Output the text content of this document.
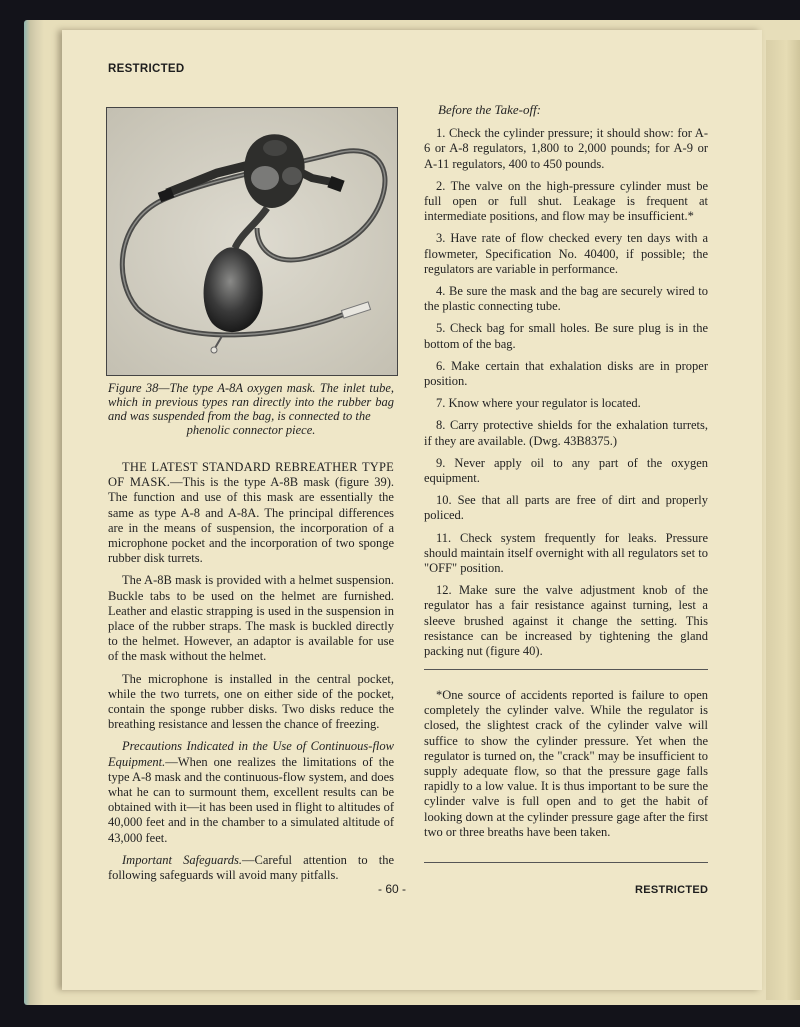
RESTRICTED
Figure 38—The type A-8A oxygen mask. The inlet tube, which in previous types ran directly into the rubber bag and was suspended from the bag, is connected to the
phenolic connector piece.

THE LATEST STANDARD REBREATHER TYPE OF MASK.—This is the type A-8B mask (figure 39). The function and use of this mask are essentially the same as type A-8 and A-8A. The principal differences are in the means of suspension, the incorporation of a microphone pocket and the incorporation of two sponge rubber disk turrets.

The A-8B mask is provided with a helmet suspension. Buckle tabs to be used on the helmet are furnished. Leather and elastic strapping is used in the suspension in place of the rubber straps. The mask is buckled directly to the helmet. However, an adaptor is available for use of the mask without the helmet.

The microphone is installed in the central pocket, while the two turrets, one on either side of the pocket, contain the sponge rubber disks. Two disks reduce the breathing resistance and lessen the chance of freezing.

Precautions Indicated in the Use of Continuous-flow Equipment.—When one realizes the limitations of the type A-8 mask and the continuous-flow system, and does what he can to surmount them, excellent results can be obtained with it—it has been used in flight to altitudes of 40,000 feet and in the chamber to a simulated altitude of 43,000 feet.

Important Safeguards.—Careful attention to the following safeguards will avoid many pitfalls.

Before the Take-off:
1. Check the cylinder pressure; it should show: for A-6 or A-8 regulators, 1,800 to 2,000 pounds; for A-9 or A-11 regulators, 400 to 450 pounds.
2. The valve on the high-pressure cylinder must be full open or full shut. Leakage is frequent at intermediate positions, and flow may be insufficient.*
3. Have rate of flow checked every ten days with a flowmeter, Specification No. 40400, if possible; the regulators are variable in performance.
4. Be sure the mask and the bag are securely wired to the plastic connecting tube.
5. Check bag for small holes. Be sure plug is in the bottom of the bag.
6. Make certain that exhalation disks are in proper position.
7. Know where your regulator is located.
8. Carry protective shields for the exhalation turrets, if they are available. (Dwg. 43B8375.)
9. Never apply oil to any part of the oxygen equipment.
10. See that all parts are free of dirt and properly policed.
11. Check system frequently for leaks. Pressure should maintain itself overnight with all regulators set to "OFF" position.
12. Make sure the valve adjustment knob of the regulator has a fair resistance against turning, lest a sleeve brushed against it change the setting. This resistance can be increased by tightening the gland packing nut (figure 40).
*One source of accidents reported is failure to open completely the cylinder valve. While the regulator is closed, the slightest crack of the cylinder valve will suffice to show the cylinder pressure. Yet when the regulator is turned on, the "crack" may be insufficient to supply adequate flow, so that the pressure gage falls rapidly to a low value. It is thus important to be sure the cylinder valve is full open and to get the habit of looking down at the cylinder pressure gage after the first two or three breaths have been taken.
- 60 -	RESTRICTED
